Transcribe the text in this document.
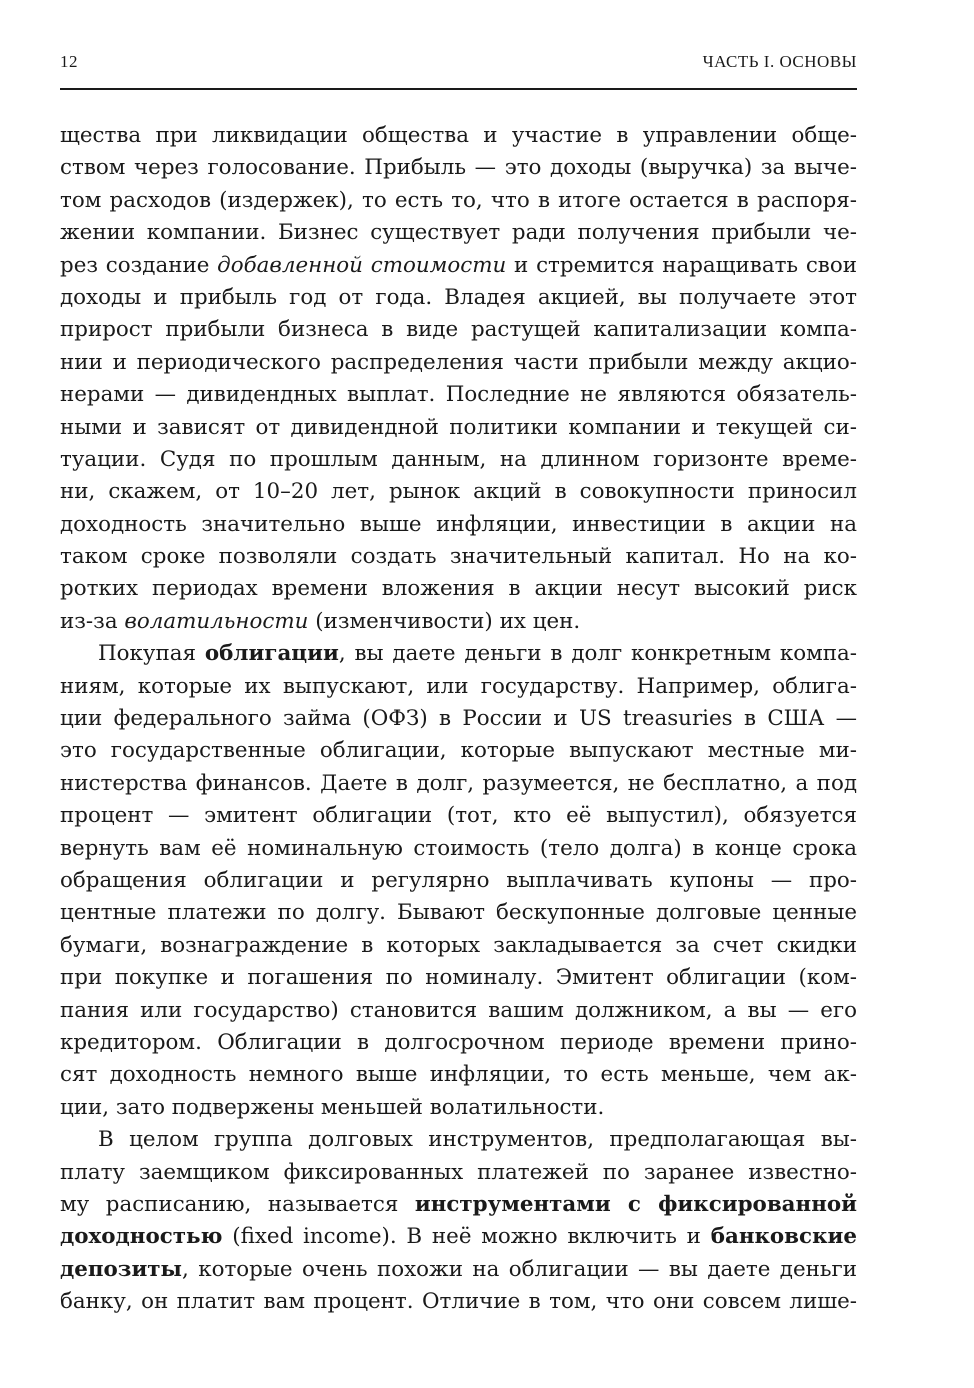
12	ЧАСТЬ I. ОСНОВЫ
щества при ликвидации общества и участие в управлении обще-
ством через голосование. Прибыль — это доходы (выручка) за выче-
том расходов (издержек), то есть то, что в итоге остается в распоря-
жении компании. Бизнес существует ради получения прибыли че-
рез создание добавленной стоимости и стремится наращивать свои
доходы и прибыль год от года. Владея акцией, вы получаете этот
прирост прибыли бизнеса в виде растущей капитализации компа-
нии и периодического распределения части прибыли между акцио-
нерами — дивидендных выплат. Последние не являются обязатель-
ными и зависят от дивидендной политики компании и текущей си-
туации. Судя по прошлым данным, на длинном горизонте време-
ни, скажем, от 10–20 лет, рынок акций в совокупности приносил
доходность значительно выше инфляции, инвестиции в акции на
таком сроке позволяли создать значительный капитал. Но на ко-
ротких периодах времени вложения в акции несут высокий риск
из-за волатильности (изменчивости) их цен.
Покупая облигации, вы даете деньги в долг конкретным компа-
ниям, которые их выпускают, или государству. Например, облига-
ции федерального займа (ОФЗ) в России и US treasuries в США —
это государственные облигации, которые выпускают местные ми-
нистерства финансов. Даете в долг, разумеется, не бесплатно, а под
процент — эмитент облигации (тот, кто её выпустил), обязуется
вернуть вам её номинальную стоимость (тело долга) в конце срока
обращения облигации и регулярно выплачивать купоны — про-
центные платежи по долгу. Бывают бескупонные долговые ценные
бумаги, вознаграждение в которых закладывается за счет скидки
при покупке и погашения по номиналу. Эмитент облигации (ком-
пания или государство) становится вашим должником, а вы — его
кредитором. Облигации в долгосрочном периоде времени прино-
сят доходность немного выше инфляции, то есть меньше, чем ак-
ции, зато подвержены меньшей волатильности.
В целом группа долговых инструментов, предполагающая вы-
плату заемщиком фиксированных платежей по заранее известно-
му расписанию, называется инструментами с фиксированной
доходностью (fixed income). В неё можно включить и банковские
депозиты, которые очень похожи на облигации — вы даете деньги
банку, он платит вам процент. Отличие в том, что они совсем лише-
